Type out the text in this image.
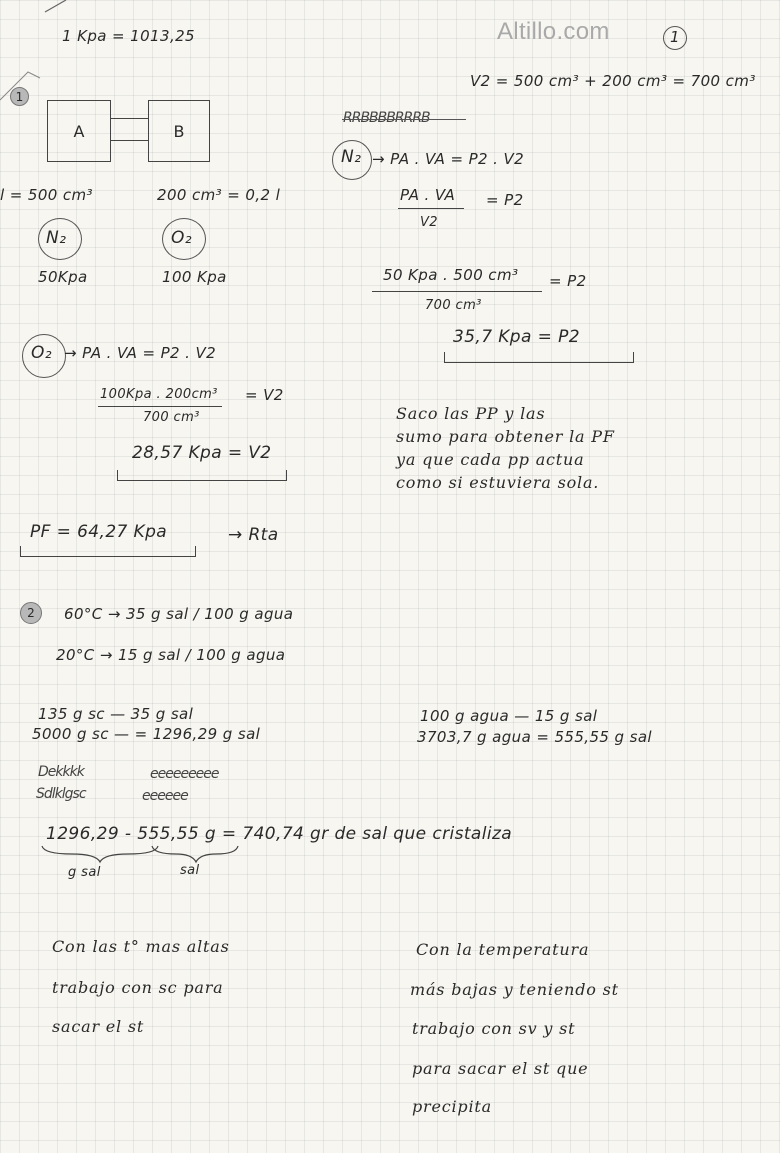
Altillo.com	1
1 Kpa = 1013,25
1
A	B
l = 500 cm³	200 cm³ = 0,2 l
N₂	O₂
50Kpa	100 Kpa
V2 = 500 cm³ + 200 cm³ = 700 cm³
RRBBBBRRRB
N₂ → PA . VA = P2 . V2
PA . VA
V2
= P2
50 Kpa . 500 cm³
700 cm³
= P2
35,7 Kpa = P2
O₂ → PA . VA = P2 . V2
100Kpa . 200cm³
700 cm³
= V2
28,57 Kpa = V2
Saco las PP y las
sumo para obtener la PF
ya que cada pp actua
como si estuviera sola.
PF = 64,27 Kpa	→ Rta
2 60°C → 35 g sal / 100 g agua
20°C → 15 g sal / 100 g agua
135 g sc — 35 g sal
5000 g sc — = 1296,29 g sal
100 g agua — 15 g sal
3703,7 g agua = 555,55 g sal
Dekkkk	eeeeeeeee
Sdlklgsc	eeeeee
1296,29 - 555,55 g = 740,74 gr de sal que cristaliza
g sal	sal
Con las t° mas altas
trabajo con sc para
sacar el st
Con la temperatura
más bajas y teniendo st
trabajo con sv y st
para sacar el st que
precipita
